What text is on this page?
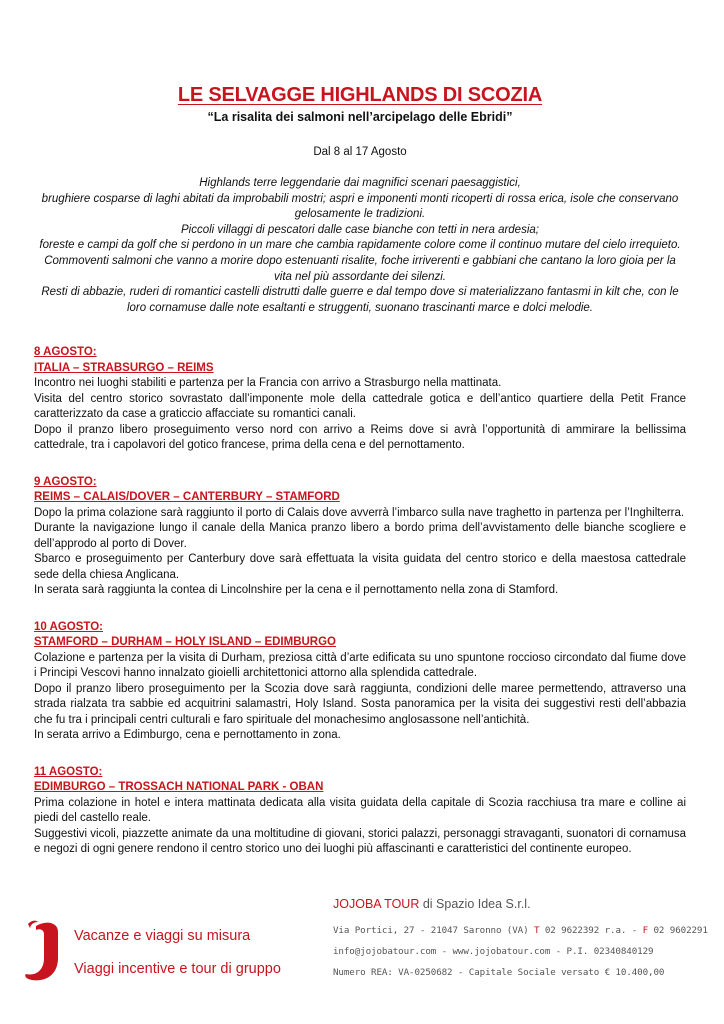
LE SELVAGGE HIGHLANDS DI SCOZIA

“La risalita dei salmoni nell’arcipelago delle Ebridi”

Dal 8 al 17 Agosto

Highlands terre leggendarie dai magnifici scenari paesaggistici,
brughiere cosparse di laghi abitati da improbabili mostri; aspri e imponenti monti ricoperti di rossa erica, isole che conservano gelosamente le tradizioni.
Piccoli villaggi di pescatori dalle case bianche con tetti in nera ardesia;
foreste e campi da golf che si perdono in un mare che cambia rapidamente colore come il continuo mutare del cielo irrequieto.
Commoventi salmoni che vanno a morire dopo estenuanti risalite, foche irriverenti e gabbiani che cantano la loro gioia per la vita nel più assordante dei silenzi.
Resti di abbazie, ruderi di romantici castelli distrutti dalle guerre e dal tempo dove si materializzano fantasmi in kilt che, con le loro cornamuse dalle note esaltanti e struggenti, suonano trascinanti marce e dolci melodie.

8 AGOSTO:

ITALIA – STRABSURGO – REIMS

Incontro nei luoghi stabiliti e partenza per la Francia con arrivo a Strasburgo nella mattinata.

Visita del centro storico sovrastato dall’imponente mole della cattedrale gotica e dell’antico quartiere della Petit France caratterizzato da case a graticcio affacciate su romantici canali.

Dopo il pranzo libero proseguimento verso nord con arrivo a Reims dove si avrà l’opportunità di ammirare la bellissima cattedrale, tra i capolavori del gotico francese, prima della cena e del pernottamento.

9 AGOSTO:

REIMS – CALAIS/DOVER – CANTERBURY – STAMFORD

Dopo la prima colazione sarà raggiunto il porto di Calais dove avverrà l’imbarco sulla nave traghetto in partenza per l’Inghilterra.

Durante la navigazione lungo il canale della Manica pranzo libero a bordo prima dell’avvistamento delle bianche scogliere e dell’approdo al porto di Dover.

Sbarco e proseguimento per Canterbury dove sarà effettuata la visita guidata del centro storico e della maestosa cattedrale sede della chiesa Anglicana.

In serata sarà raggiunta la contea di Lincolnshire per la cena e il pernottamento nella zona di Stamford.

10 AGOSTO:

STAMFORD – DURHAM – HOLY ISLAND – EDIMBURGO

Colazione e partenza per la visita di Durham, preziosa città d’arte edificata su uno spuntone roccioso circondato dal fiume dove i Principi Vescovi hanno innalzato gioielli architettonici attorno alla splendida cattedrale.

Dopo il pranzo libero proseguimento per la Scozia dove sarà raggiunta, condizioni delle maree permettendo, attraverso una strada rialzata tra sabbie ed acquitrini salamastri, Holy Island. Sosta panoramica per la visita dei suggestivi resti dell’abbazia che fu tra i principali centri culturali e faro spirituale del monachesimo anglosassone nell’antichità.

In serata arrivo a Edimburgo, cena e pernottamento in zona.

11 AGOSTO:

EDIMBURGO – TROSSACH NATIONAL PARK - OBAN

Prima colazione in hotel e intera mattinata dedicata alla visita guidata della capitale di Scozia racchiusa tra mare e colline ai piedi del castello reale.

Suggestivi vicoli, piazzette animate da una moltitudine di giovani, storici palazzi, personaggi stravaganti, suonatori di cornamusa e negozi di ogni genere rendono il centro storico uno dei luoghi più affascinanti e caratteristici del continente europeo.

Vacanze e viaggi su misura
Viaggi incentive e tour di gruppo
JOJOBA TOUR di Spazio Idea S.r.l.
Via Portici, 27 - 21047 Saronno (VA) T 02 9622392 r.a. - F 02 9602291
info@jojobatour.com - www.jojobatour.com - P.I. 02340840129
Numero REA: VA-0250682 - Capitale Sociale versato € 10.400,00
